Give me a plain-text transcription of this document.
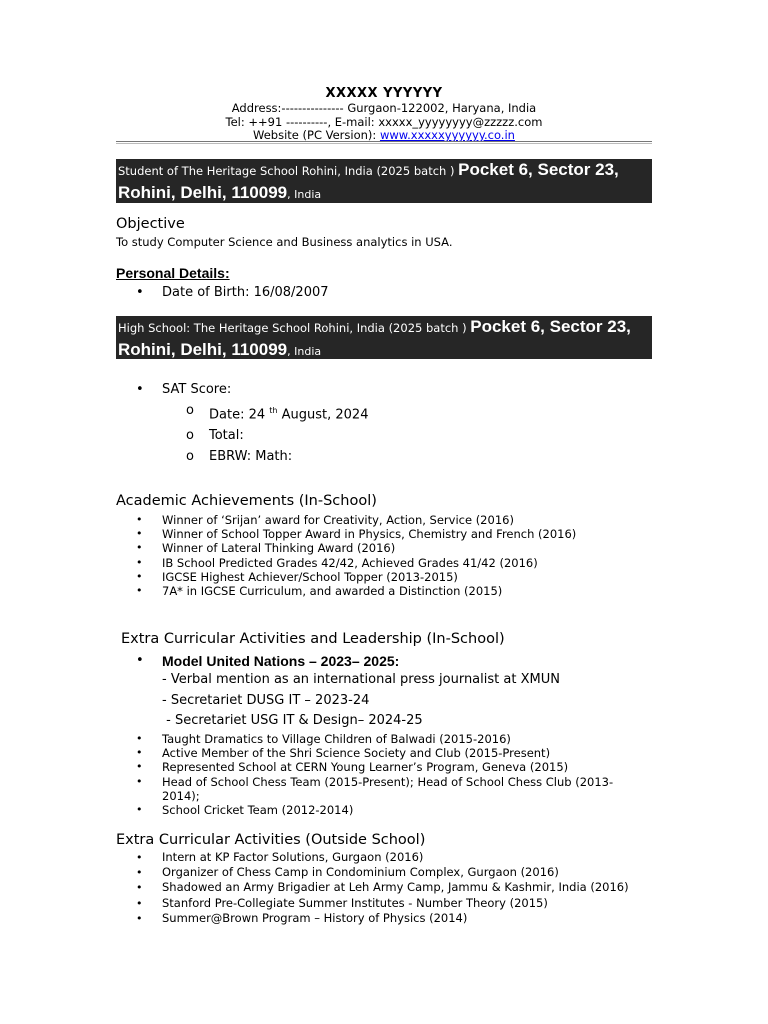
XXXXX YYYYYY
Address:--------------- Gurgaon-122002, Haryana, India
Tel: ++91 ----------, E-mail: xxxxx_yyyyyyyy@zzzzz.com
Website (PC Version): www.xxxxxyyyyyy.co.in
Student of The Heritage School Rohini, India (2025 batch ) Pocket 6, Sector 23, Rohini, Delhi, 110099, India
Objective
To study Computer Science and Business analytics in USA.
Personal Details:
• Date of Birth: 16/08/2007
High School: The Heritage School Rohini, India (2025 batch ) Pocket 6, Sector 23, Rohini, Delhi, 110099, India
• SAT Score:
o Date: 24 $^{th}$ August, 2024
o Total:
o EBRW: Math:
Academic Achievements (In-School)
• Winner of ‘Srijan’ award for Creativity, Action, Service (2016)
• Winner of School Topper Award in Physics, Chemistry and French (2016)
• Winner of Lateral Thinking Award (2016)
• IB School Predicted Grades 42/42, Achieved Grades 41/42 (2016)
• IGCSE Highest Achiever/School Topper (2013-2015)
• 7A* in IGCSE Curriculum, and awarded a Distinction (2015)
Extra Curricular Activities and Leadership (In-School)
• Model United Nations – 2023– 2025:
- Verbal mention as an international press journalist at XMUN
- Secretariet DUSG IT – 2023-24
- Secretariet USG IT & Design– 2024-25
• Taught Dramatics to Village Children of Balwadi (2015-2016)
• Active Member of the Shri Science Society and Club (2015-Present)
• Represented School at CERN Young Learner’s Program, Geneva (2015)
• Head of School Chess Team (2015-Present); Head of School Chess Club (2013-2014);
• School Cricket Team (2012-2014)
Extra Curricular Activities (Outside School)
• Intern at KP Factor Solutions, Gurgaon (2016)
• Organizer of Chess Camp in Condominium Complex, Gurgaon (2016)
• Shadowed an Army Brigadier at Leh Army Camp, Jammu & Kashmir, India (2016)
• Stanford Pre-Collegiate Summer Institutes - Number Theory (2015)
• Summer@Brown Program – History of Physics (2014)
